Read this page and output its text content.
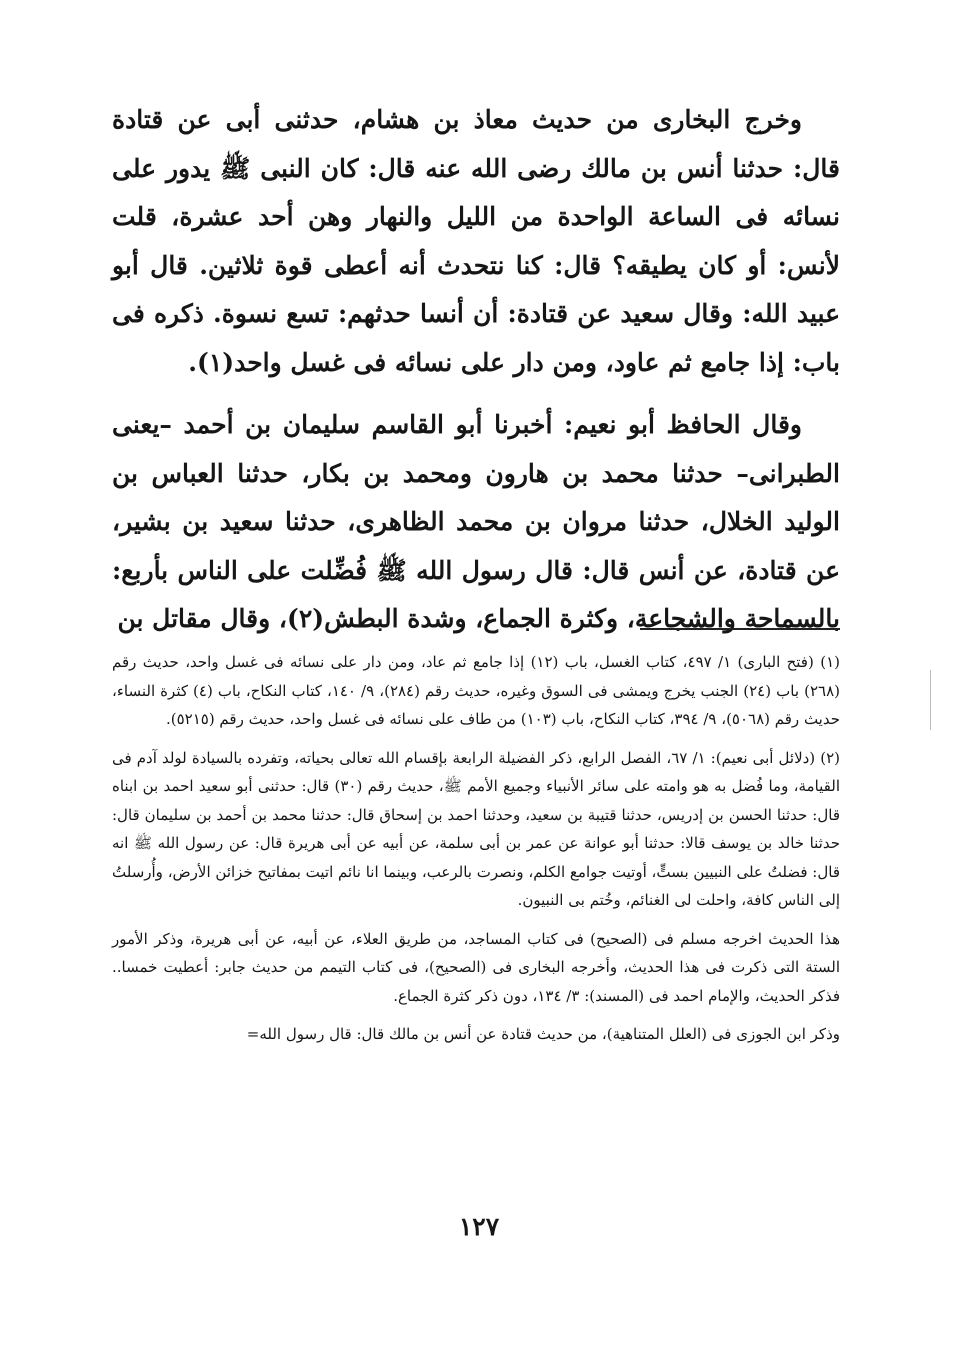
وخرج البخارى من حديث معاذ بن هشام، حدثنى أبى عن قتادة قال: حدثنا أنس بن مالك رضى الله عنه قال: كان النبى ﷺ يدور على نسائه فى الساعة الواحدة من الليل والنهار وهن أحد عشرة، قلت لأنس: أو كان يطيقه؟ قال: كنا نتحدث أنه أعطى قوة ثلاثين. قال أبو عبيد الله: وقال سعيد عن قتادة: أن أنسا حدثهم: تسع نسوة. ذكره فى باب: إذا جامع ثم عاود، ومن دار على نسائه فى غسل واحد(١).

وقال الحافظ أبو نعيم: أخبرنا أبو القاسم سليمان بن أحمد –يعنى الطبرانى– حدثنا محمد بن هارون ومحمد بن بكار، حدثنا العباس بن الوليد الخلال، حدثنا مروان بن محمد الظاهرى، حدثنا سعيد بن بشير، عن قتادة، عن أنس قال: قال رسول الله ﷺ فُضِّلت على الناس بأربع: بالسماحة والشجاعة، وكثرة الجماع، وشدة البطش(٢)، وقال مقاتل بن

(١) (فتح البارى) ١/ ٤٩٧، كتاب الغسل، باب (١٢) إذا جامع ثم عاد، ومن دار على نسائه فى غسل واحد، حديث رقم (٢٦٨) باب (٢٤) الجنب يخرج ويمشى فى السوق وغيره، حديث رقم (٢٨٤)، ٩/ ١٤٠، كتاب النكاح، باب (٤) كثرة النساء، حديث رقم (٥٠٦٨)، ٩/ ٣٩٤، كتاب النكاح، باب (١٠٣) من طاف على نسائه فى غسل واحد، حديث رقم (٥٢١٥).

(٢) (دلائل أبى نعيم): ١/ ٦٧، الفصل الرابع، ذكر الفضيلة الرابعة بإقسام الله تعالى بحياته، وتفرده بالسيادة لولد آدم فى القيامة، وما فُضل به هو وامته على سائر الأنبياء وجميع الأمم ﷺ، حديث رقم (٣٠) قال: حدثنى أبو سعيد احمد بن ابناه قال: حدثنا الحسن بن إدريس، حدثنا قتيبة بن سعيد، وحدثنا احمد بن إسحاق قال: حدثنا محمد بن أحمد بن سليمان قال: حدثنا خالد بن يوسف قالا: حدثنا أبو عوانة عن عمر بن أبى سلمة، عن أبيه عن أبى هريرة قال: عن رسول الله ﷺ انه قال: فضلتُ على النبيين بستٍّ، أوتيت جوامع الكلم، ونصرت بالرعب، وبينما انا نائم اتيت بمفاتيح خزائن الأرض، وأُرسلتُ إلى الناس كافة، واحلت لى الغنائم، وخُتم بى النبيون.

هذا الحديث اخرجه مسلم فى (الصحيح) فى كتاب المساجد، من طريق العلاء، عن أبيه، عن أبى هريرة، وذكر الأمور الستة التى ذكرت فى هذا الحديث، وأخرجه البخارى فى (الصحيح)، فى كتاب التيمم من حديث جابر: أعطيت خمسا.. فذكر الحديث، والإمام احمد فى (المسند): ٣/ ١٣٤، دون ذكر كثرة الجماع.

وذكر ابن الجوزى فى (العلل المتناهية)، من حديث قتادة عن أنس بن مالك قال: قال رسول الله=

١٢٧
